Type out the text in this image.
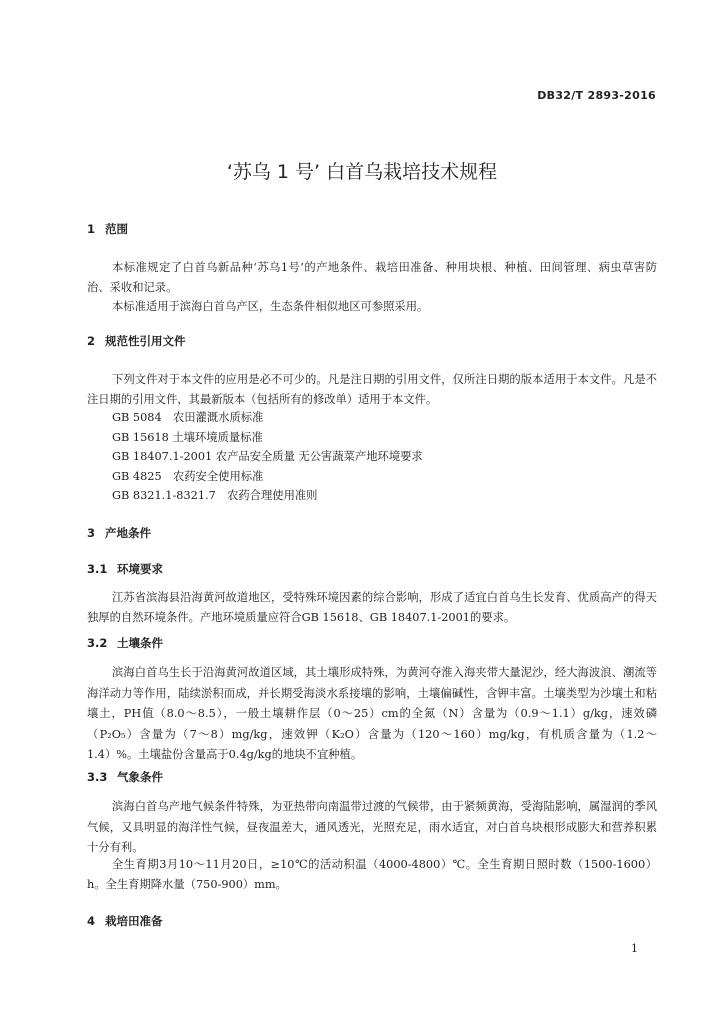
DB32/T 2893-2016
‘苏乌 1 号’ 白首乌栽培技术规程
1 范围
本标准规定了白首乌新品种‘苏乌1号’的产地条件、栽培田准备、种用块根、种植、田间管理、病虫草害防治、采收和记录。
本标准适用于滨海白首乌产区，生态条件相似地区可参照采用。
2 规范性引用文件
下列文件对于本文件的应用是必不可少的。凡是注日期的引用文件，仅所注日期的版本适用于本文件。凡是不注日期的引用文件，其最新版本（包括所有的修改单）适用于本文件。
GB 5084　农田灌溉水质标准
GB 15618 土壤环境质量标准
GB 18407.1-2001 农产品安全质量 无公害蔬菜产地环境要求
GB 4825　农药安全使用标准
GB 8321.1-8321.7　农药合理使用准则
3 产地条件
3.1 环境要求
江苏省滨海县沿海黄河故道地区，受特殊环境因素的综合影响，形成了适宜白首乌生长发育、优质高产的得天独厚的自然环境条件。产地环境质量应符合GB 15618、GB 18407.1-2001的要求。
3.2 土壤条件
滨海白首乌生长于沿海黄河故道区域，其土壤形成特殊，为黄河夺淮入海夹带大量泥沙，经大海波浪、潮流等海洋动力等作用，陆续淤积而成，并长期受海淡水系接壤的影响，土壤偏碱性，含钾丰富。土壤类型为沙壤土和粘壤土，PH值（8.0～8.5），一般土壤耕作层（0～25）cm的全氮（N）含量为（0.9～1.1）g/kg，速效磷（P₂O₅）含量为（7～8）mg/kg，速效钾（K₂O）含量为（120～160）mg/kg，有机质含量为（1.2～1.4）%。土壤盐份含量高于0.4g/kg的地块不宜种植。
3.3 气象条件
滨海白首乌产地气候条件特殊，为亚热带向南温带过渡的气候带，由于紧频黄海，受海陆影响，属湿润的季风气候，又具明显的海洋性气候，昼夜温差大，通风透光，光照充足，雨水适宜，对白首乌块根形成膨大和营养积累十分有利。
全生育期3月10～11月20日，≥10℃的活动积温（4000-4800）℃。全生育期日照时数（1500-1600）h。全生育期降水量（750-900）mm。
4 栽培田准备
1
